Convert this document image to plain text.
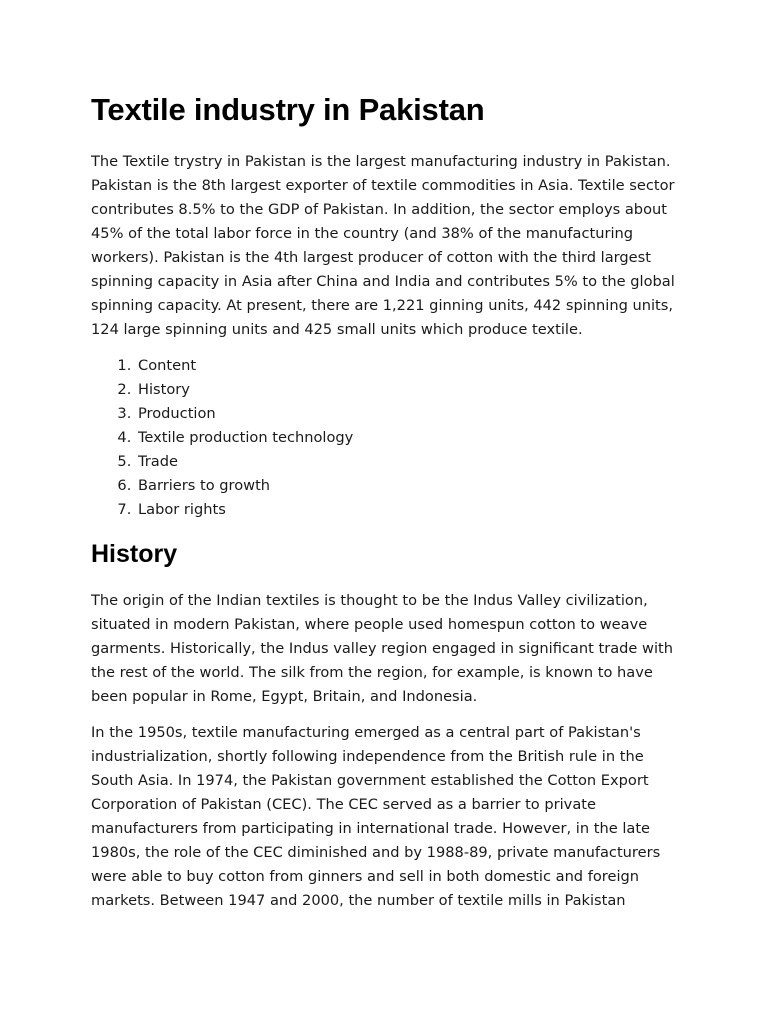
Textile industry in Pakistan

The Textile trystry in Pakistan is the largest manufacturing industry in Pakistan. Pakistan is the 8th largest exporter of textile commodities in Asia. Textile sector contributes 8.5% to the GDP of Pakistan. In addition, the sector employs about 45% of the total labor force in the country (and 38% of the manufacturing workers). Pakistan is the 4th largest producer of cotton with the third largest spinning capacity in Asia after China and India and contributes 5% to the global spinning capacity. At present, there are 1,221 ginning units, 442 spinning units, 124 large spinning units and 425 small units which produce textile.

1. Content
2. History
3. Production
4. Textile production technology
5. Trade
6. Barriers to growth
7. Labor rights
History

The origin of the Indian textiles is thought to be the Indus Valley civilization, situated in modern Pakistan, where people used homespun cotton to weave garments. Historically, the Indus valley region engaged in significant trade with the rest of the world. The silk from the region, for example, is known to have been popular in Rome, Egypt, Britain, and Indonesia.

In the 1950s, textile manufacturing emerged as a central part of Pakistan's industrialization, shortly following independence from the British rule in the South Asia. In 1974, the Pakistan government established the Cotton Export Corporation of Pakistan (CEC). The CEC served as a barrier to private manufacturers from participating in international trade. However, in the late 1980s, the role of the CEC diminished and by 1988-89, private manufacturers were able to buy cotton from ginners and sell in both domestic and foreign markets. Between 1947 and 2000, the number of textile mills in Pakistan
